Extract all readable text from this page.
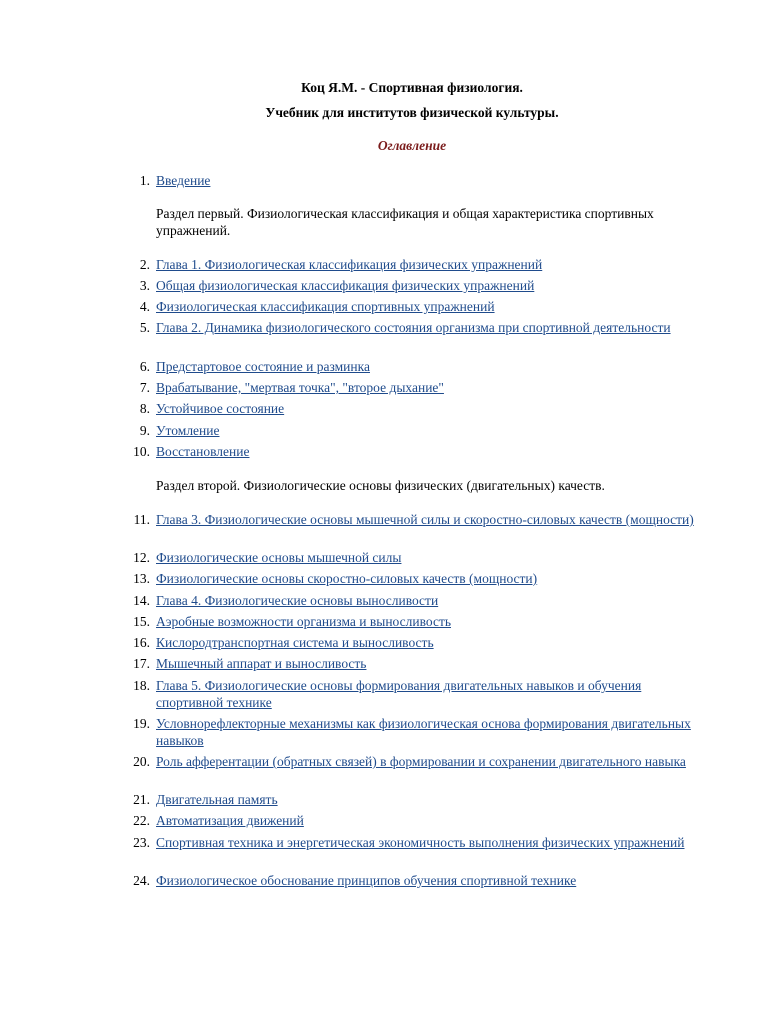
Коц Я.М. - Спортивная физиология.
Учебник для институтов физической культуры.
Оглавление
1. Введение
2. Глава 1. Физиологическая классификация физических упражнений
3. Общая физиологическая классификация физических упражнений
4. Физиологическая классификация спортивных упражнений
5. Глава 2. Динамика физиологического состояния организма при спортивной деятельности
6. Предстартовое состояние и разминка
7. Врабатывание, "мертвая точка", "второе дыхание"
8. Устойчивое состояние
9. Утомление
10. Восстановление
11. Глава 3. Физиологические основы мышечной силы и скоростно-силовых качеств (мощности)
12. Физиологические основы мышечной силы
13. Физиологические основы скоростно-силовых качеств (мощности)
14. Глава 4. Физиологические основы выносливости
15. Аэробные возможности организма и выносливость
16. Кислородтранспортная система и выносливость
17. Мышечный аппарат и выносливость
18. Глава 5. Физиологические основы формирования двигательных навыков и обучения спортивной технике
19. Условнорефлекторные механизмы как физиологическая основа формирования двигательных навыков
20. Роль афферентации (обратных связей) в формировании и сохранении двигательного навыка
21. Двигательная память
22. Автоматизация движений
23. Спортивная техника и энергетическая экономичность выполнения физических упражнений
24. Физиологическое обоснование принципов обучения спортивной технике
Раздел первый. Физиологическая классификация и общая характеристика спортивных упражнений.
Раздел второй. Физиологические основы физических (двигательных) качеств.
